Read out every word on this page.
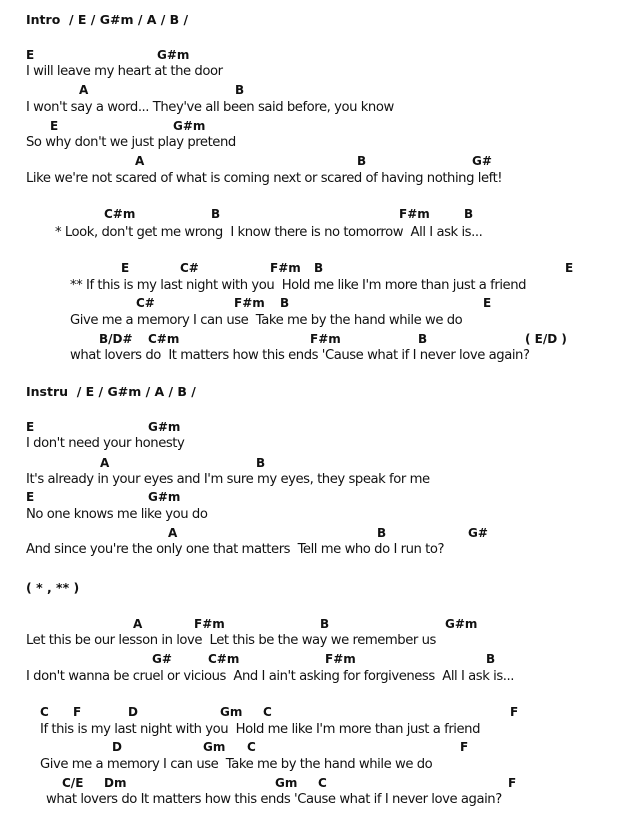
Intro  / E / G#m / A / B /
Instru  / E / G#m / A / B /
( * , ** )
E	G#m
I will leave my heart at the door
A	B
I won't say a word... They've all been said before, you know
E	G#m
So why don't we just play pretend
A	B	G#
Like we're not scared of what is coming next or scared of having nothing left!
C#m	B	F#m	B
* Look, don't get me wrong  I know there is no tomorrow  All I ask is...
E	C#	F#m B	E
** If this is my last night with you  Hold me like I'm more than just a friend
C#	F#m B	E
Give me a memory I can use  Take me by the hand while we do
B/D# C#m	F#m	B	( E/D )
what lovers do  It matters how this ends 'Cause what if I never love again?
E	G#m
I don't need your honesty
A	B
It's already in your eyes and I'm sure my eyes, they speak for me
E	G#m
No one knows me like you do
A	B	G#
And since you're the only one that matters  Tell me who do I run to?
A	F#m	B	G#m
Let this be our lesson in love  Let this be the way we remember us
G#	C#m	F#m	B
I don't wanna be cruel or vicious  And I ain't asking for forgiveness  All I ask is...
C F	D	Gm C	F
If this is my last night with you  Hold me like I'm more than just a friend
D	Gm C	F
Give me a memory I can use  Take me by the hand while we do
C/E Dm	Gm C	F
what lovers do It matters how this ends 'Cause what if I never love again?
